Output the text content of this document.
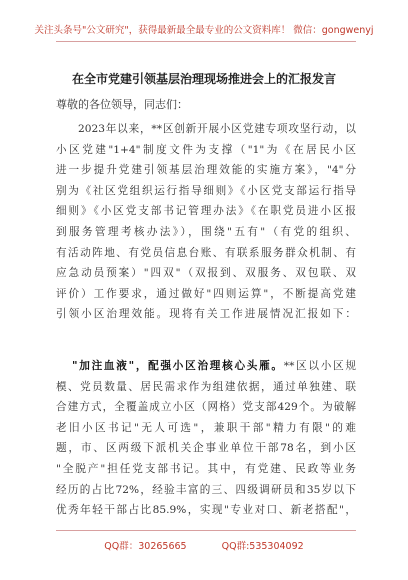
关注头条号"公文研究"，获得最新最全最专业的公文资料库！ 微信：gongwenyj
在全市党建引领基层治理现场推进会上的汇报发言
尊敬的各位领导，同志们：
2023年以来，**区创新开展小区党建专项攻坚行动，以
小区党建"1+4"制度文件为支撑（"1"为《在居民小区
进一步提升党建引领基层治理效能的实施方案》，"4"分
别为《社区党组织运行指导细则》《小区党支部运行指导
细则》《小区党支部书记管理办法》《在职党员进小区报
到服务管理考核办法》），围绕"五有"（有党的组织、
有活动阵地、有党员信息台账、有联系服务群众机制、有
应急动员预案）"四双"（双报到、双服务、双包联、双
评价）工作要求，通过做好"四则运算"，不断提高党建
引领小区治理效能。现将有关工作进展情况汇报如下：
"加注血液"，配强小区治理核心头雁。**区以小区规
模、党员数量、居民需求作为组建依据，通过单独建、联
合建方式，全覆盖成立小区（网格）党支部429个。为破解
老旧小区书记"无人可选"，兼职干部"精力有限"的难
题，市、区两级下派机关企事业单位干部78名，到小区
"全脱产"担任党支部书记。其中，有党建、民政等业务
经历的占比72%，经验丰富的三、四级调研员和35岁以下
优秀年轻干部占比85.9%，实现"专业对口、新老搭配"，
QQ群：30265665	QQ群:535304092
